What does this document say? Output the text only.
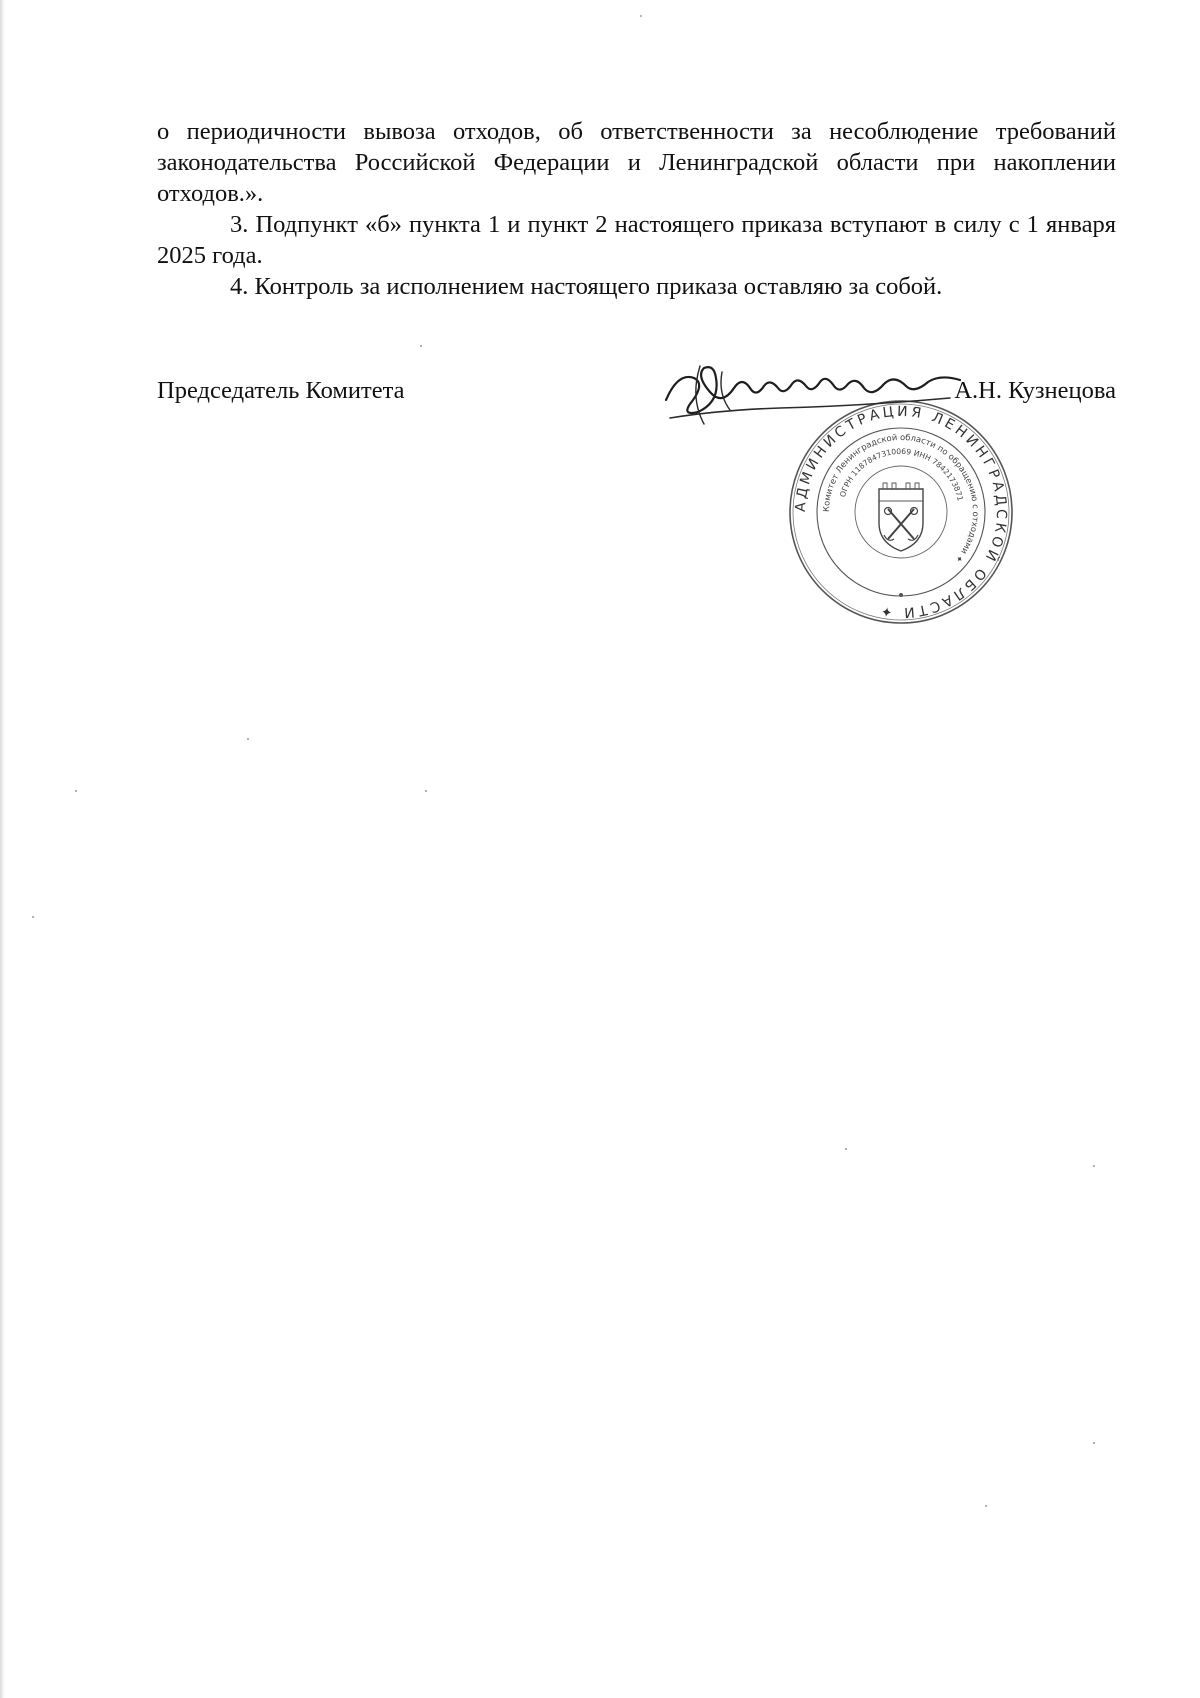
о периодичности вывоза отходов, об ответственности за несоблюдение требований законодательства Российской Федерации и Ленинградской области при накоплении отходов.».

3. Подпункт «б» пункта 1 и пункт 2 настоящего приказа вступают в силу с 1 января 2025 года.

4. Контроль за исполнением настоящего приказа оставляю за собой.

Председатель Комитета	А.Н. Кузнецова
АДМИНИСТРАЦИЯ ЛЕНИНГРАДСКОЙ ОБЛАСТИ ✦
Комитет Ленинградской области по обращению с отходами ✦
ОГРН 1187847310069 ИНН 7842173871
